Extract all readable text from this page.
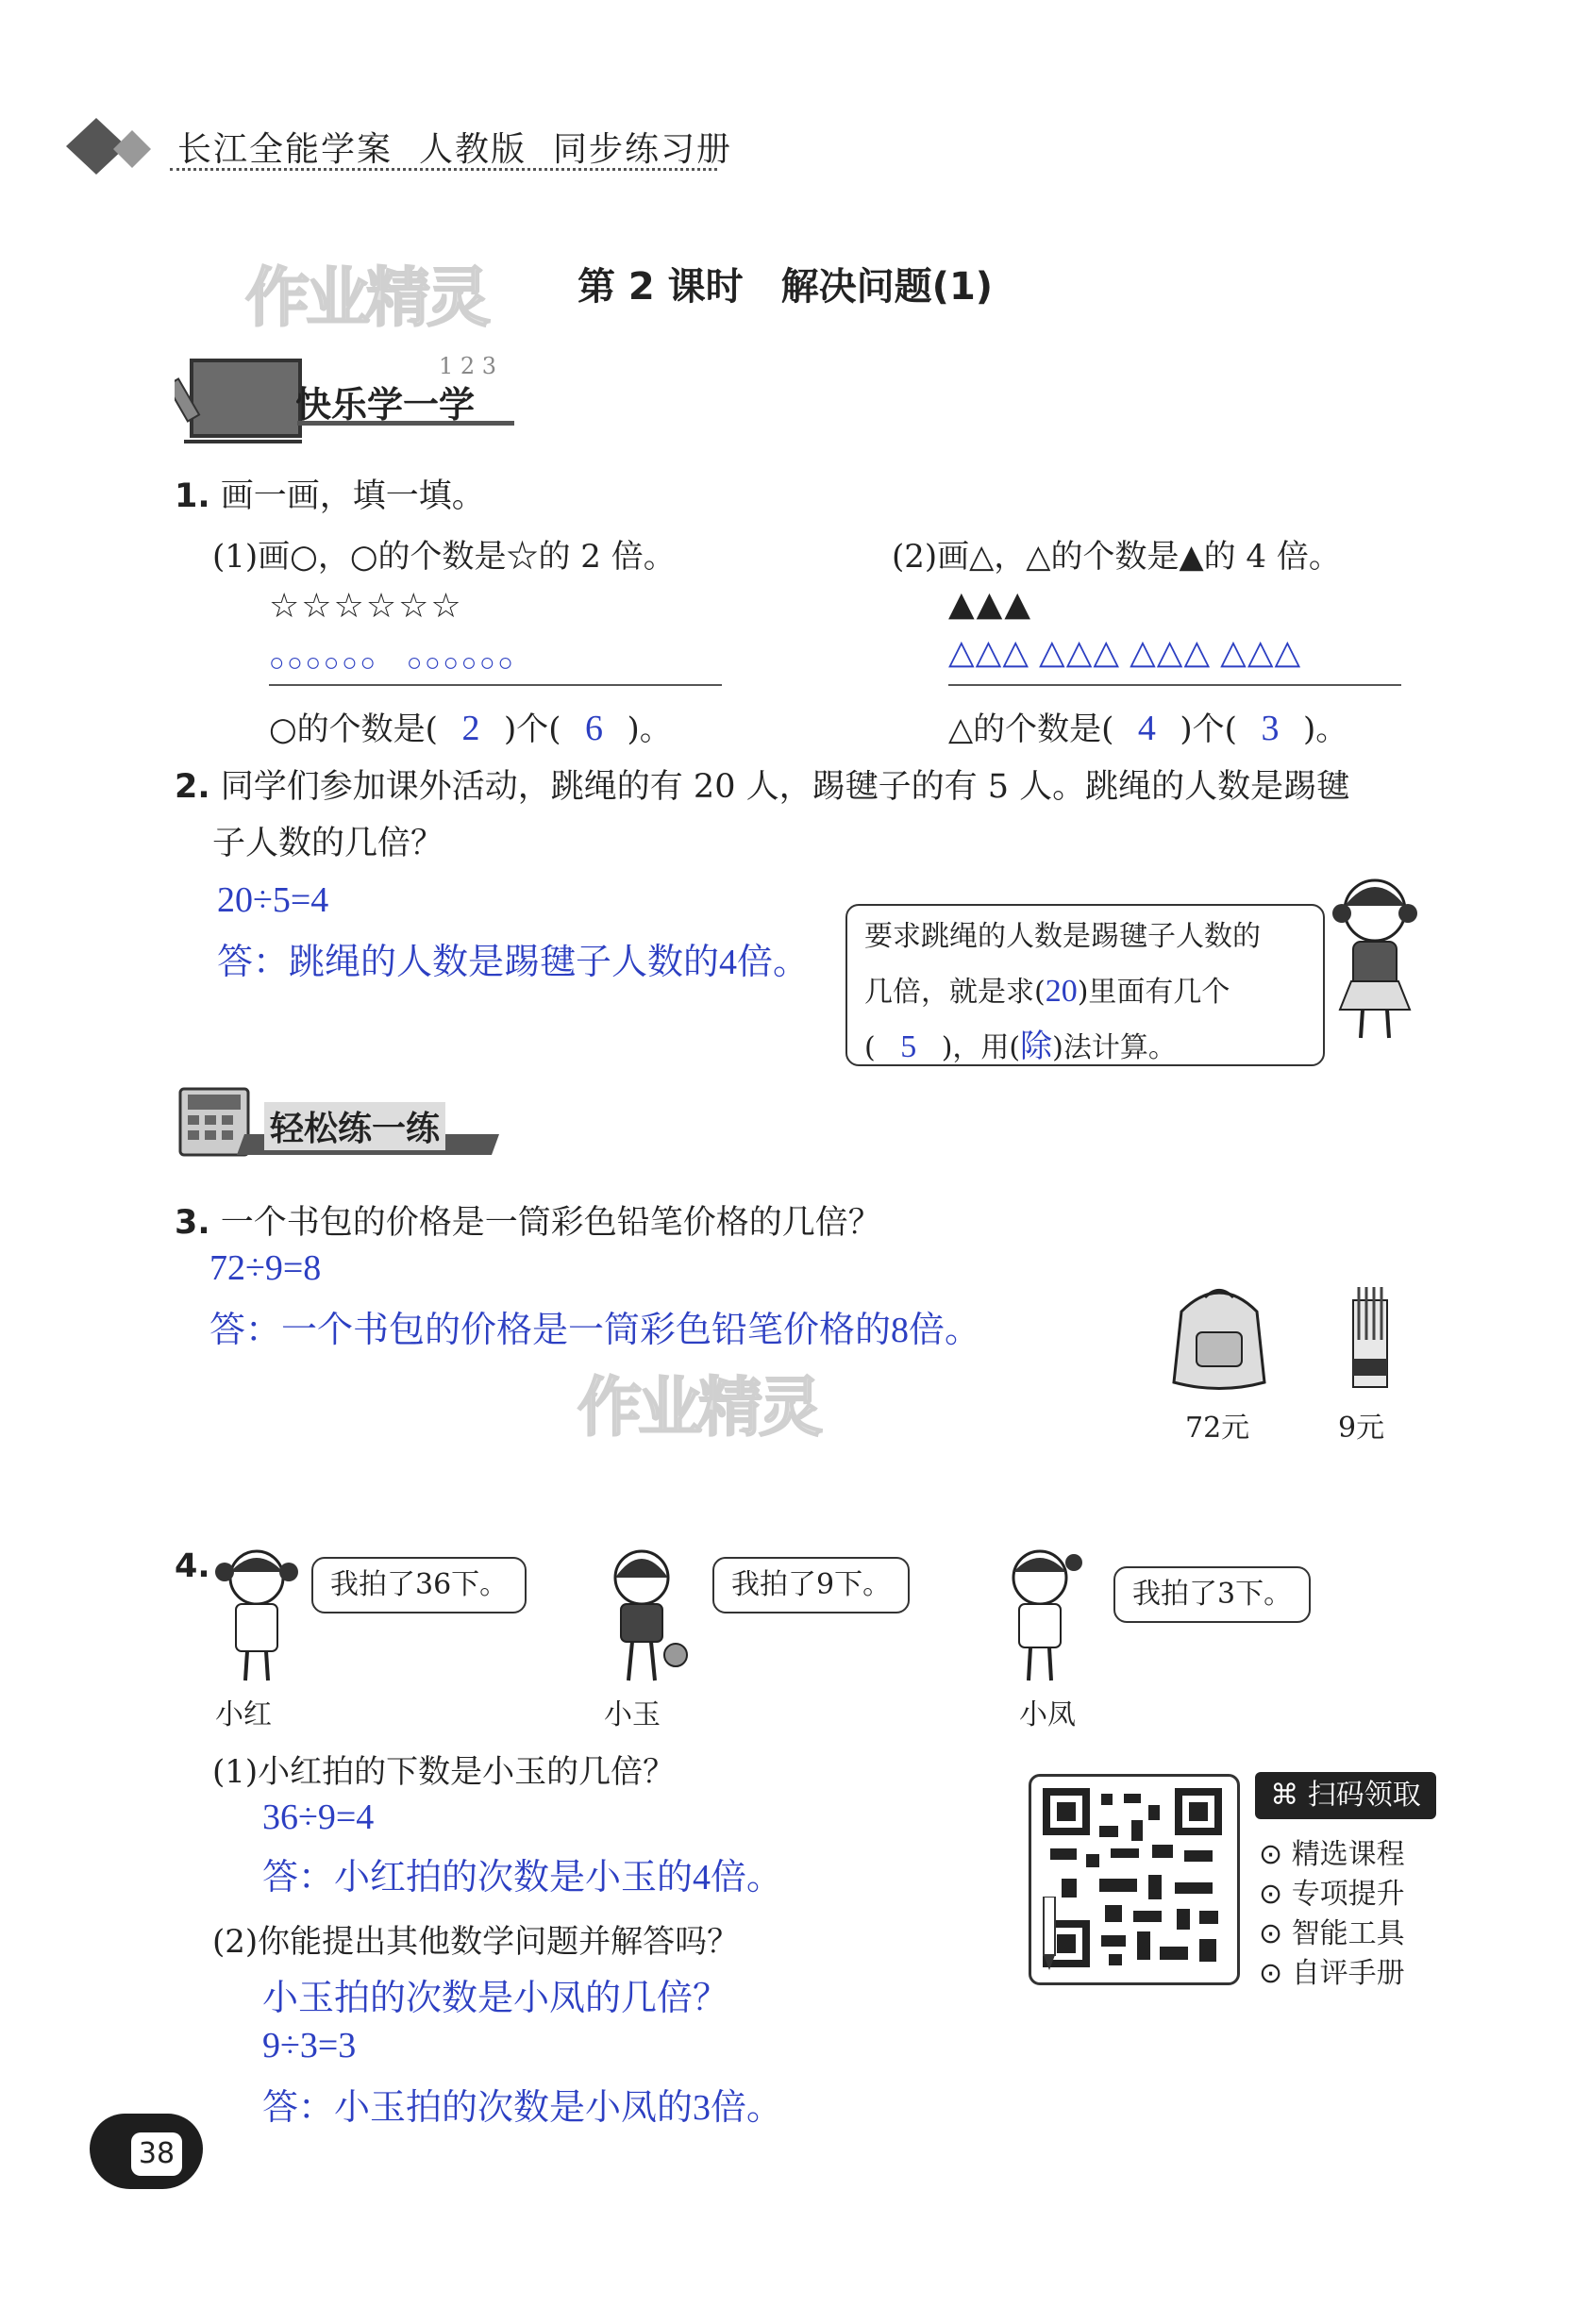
长江全能学案 人教版 同步练习册
作业精灵 第 2 课时　解决问题(1)
快乐学一学
1 2 3
1. 画一画，填一填。
(1)画○，○的个数是☆的 2 倍。
☆☆☆☆☆☆
○○○○○○　○○○○○○
○的个数是( 2 )个( 6 )。
(2)画△，△的个数是▲的 4 倍。
▲▲▲
△△△ △△△ △△△ △△△
△的个数是( 4 )个( 3 )。
2. 同学们参加课外活动，跳绳的有 20 人，踢毽子的有 5 人。跳绳的人数是踢毽
子人数的几倍？
20÷5=4
答：跳绳的人数是踢毽子人数的4倍。
要求跳绳的人数是踢毽子人数的
几倍，就是求(20)里面有几个
( 5 )，用(除)法计算。
轻松练一练
3. 一个书包的价格是一筒彩色铅笔价格的几倍？
72÷9=8
答：一个书包的价格是一筒彩色铅笔价格的8倍。
作业精灵	72元	9元
4.	我拍了36下。
小红
我拍了9下。
小玉
我拍了3下。
小凤
(1)小红拍的下数是小玉的几倍？
36÷9=4
答：小红拍的次数是小玉的4倍。
(2)你能提出其他数学问题并解答吗？
小玉拍的次数是小凤的几倍？
9÷3=3
答：小玉拍的次数是小凤的3倍。
⌘ 扫码领取
⊙ 精选课程
⊙ 专项提升
⊙ 智能工具
⊙ 自评手册
38
